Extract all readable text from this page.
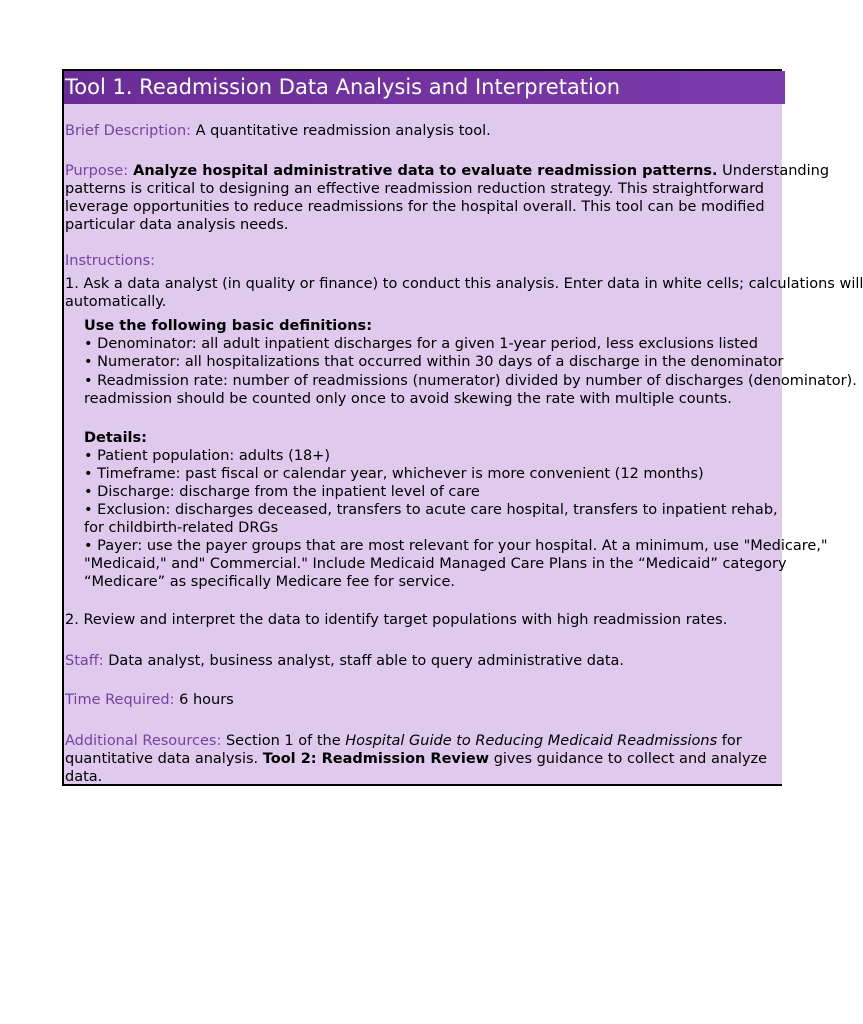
Tool 1. Readmission Data Analysis and Interpretation
Brief Description: A quantitative readmission analysis tool.
Purpose: Analyze hospital administrative data to evaluate readmission patterns. Understanding
patterns is critical to designing an effective readmission reduction strategy. This straightforward
leverage opportunities to reduce readmissions for the hospital overall. This tool can be modified
particular data analysis needs.
Instructions:
1. Ask a data analyst (in quality or finance) to conduct this analysis. Enter data in white cells; calculations will
automatically.
Use the following basic definitions:
• Denominator: all adult inpatient discharges for a given 1-year period, less exclusions listed
• Numerator: all hospitalizations that occurred within 30 days of a discharge in the denominator
• Readmission rate: number of readmissions (numerator) divided by number of discharges (denominator).
readmission should be counted only once to avoid skewing the rate with multiple counts.
Details:
• Patient population: adults (18+)
• Timeframe: past fiscal or calendar year, whichever is more convenient (12 months)
• Discharge: discharge from the inpatient level of care
• Exclusion: discharges deceased, transfers to acute care hospital, transfers to inpatient rehab,
for childbirth-related DRGs
• Payer: use the payer groups that are most relevant for your hospital. At a minimum, use "Medicare,"
"Medicaid," and" Commercial." Include Medicaid Managed Care Plans in the “Medicaid” category
“Medicare” as specifically Medicare fee for service.
2. Review and interpret the data to identify target populations with high readmission rates.
Staff: Data analyst, business analyst, staff able to query administrative data.
Time Required: 6 hours
Additional Resources: Section 1 of the Hospital Guide to Reducing Medicaid Readmissions for
quantitative data analysis. Tool 2: Readmission Review gives guidance to collect and analyze
data.
